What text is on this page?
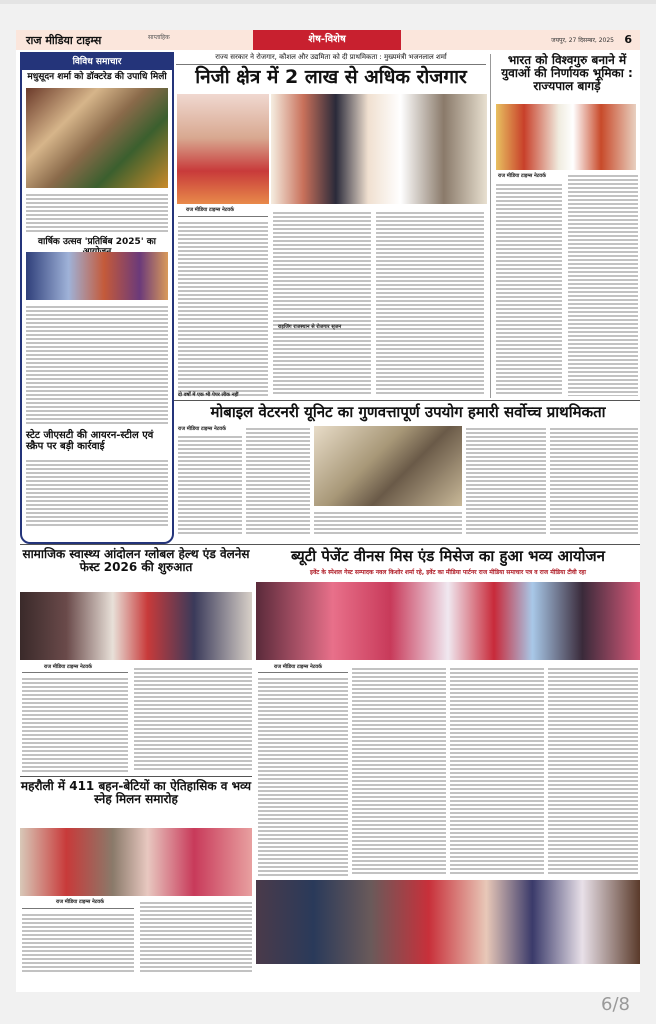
राज मीडिया टाइम्स	साप्ताहिक	शेष-विशेष	जयपुर, 27 दिसम्बर, 2025 6
विविध समाचार
मधुसूदन शर्मा को डॉक्टरेड की उपाधि मिली
वार्षिक उत्सव 'प्रतिबिंब 2025' का
स्टेट जीएसटी की आयरन-स्टील एवं स्क्रैप पर बड़ी कार्रवाई
राज्य सरकार ने रोजगार, कौशल और उद्यमिता को दी प्राथमिकता : मुख्यमंत्री भजनलाल शर्मा
निजी क्षेत्र में 2 लाख से अधिक रोजगार
राज मीडिया टाइम्स नेटवर्क
दो वर्षों में एक भी पेपर लीक नहीं
राइजिंग राजस्थान से रोजगार सृजन
भारत को विश्वगुरु बनाने में युवाओं की निर्णायक भूमिका : राज्यपाल बागड़े
राज मीडिया टाइम्स नेटवर्क
मोबाइल वेटरनरी यूनिट का गुणवत्तापूर्ण उपयोग हमारी सर्वोच्च प्राथमिकता
राज मीडिया टाइम्स नेटवर्क
सामाजिक स्वास्थ्य आंदोलन ग्लोबल हेल्थ एंड वेलनेस फेस्ट 2026 की शुरुआत
राज मीडिया टाइम्स नेटवर्क
ब्यूटी पेजेंट वीनस मिस एंड मिसेज का हुआ भव्य आयोजन
इवेंट के स्पेशल गेस्ट सम्पादक नवल किशोर शर्मा रहे, इवेंट का मीडिया पार्टनर राज मीडिया समाचार पत्र व राज मीडिया टीवी रहा
राज मीडिया टाइम्स नेटवर्क
महरौली में 411 बहन-बेटियों का ऐतिहासिक व भव्य स्नेह मिलन समारोह
राज मीडिया टाइम्स नेटवर्क
6/8
